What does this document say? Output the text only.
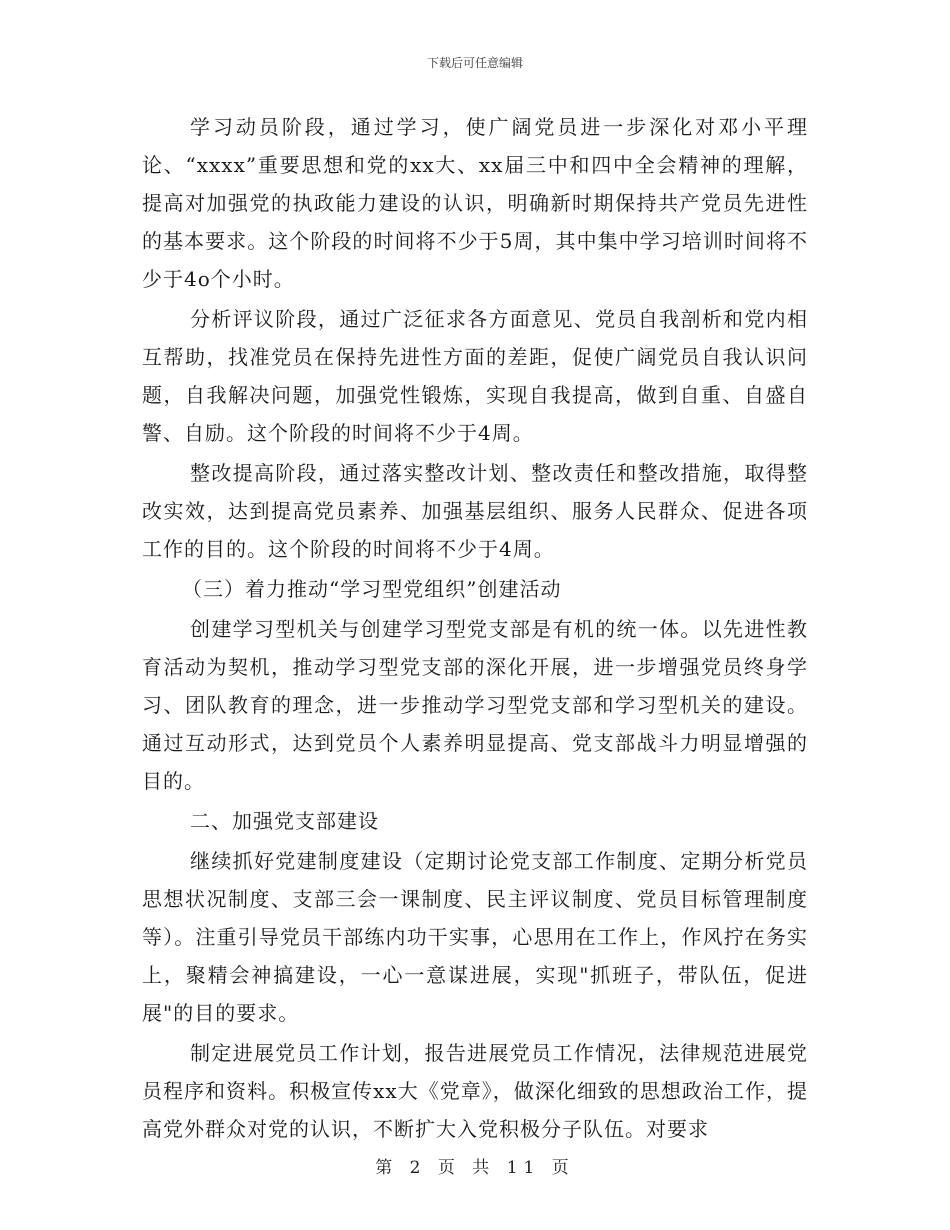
下载后可任意编辑

学习动员阶段，通过学习，使广阔党员进一步深化对邓小平理论、“xxxx”重要思想和党的xx大、xx届三中和四中全会精神的理解，提高对加强党的执政能力建设的认识，明确新时期保持共产党员先进性的基本要求。这个阶段的时间将不少于5周，其中集中学习培训时间将不少于4o个小时。

分析评议阶段，通过广泛征求各方面意见、党员自我剖析和党内相互帮助，找准党员在保持先进性方面的差距，促使广阔党员自我认识问题，自我解决问题，加强党性锻炼，实现自我提高，做到自重、自盛自警、自励。这个阶段的时间将不少于4周。

整改提高阶段，通过落实整改计划、整改责任和整改措施，取得整改实效，达到提高党员素养、加强基层组织、服务人民群众、促进各项工作的目的。这个阶段的时间将不少于4周。

（三）着力推动“学习型党组织”创建活动

创建学习型机关与创建学习型党支部是有机的统一体。以先进性教育活动为契机，推动学习型党支部的深化开展，进一步增强党员终身学习、团队教育的理念，进一步推动学习型党支部和学习型机关的建设。通过互动形式，达到党员个人素养明显提高、党支部战斗力明显增强的目的。

二、加强党支部建设

继续抓好党建制度建设（定期讨论党支部工作制度、定期分析党员思想状况制度、支部三会一课制度、民主评议制度、党员目标管理制度等）。注重引导党员干部练内功干实事，心思用在工作上，作风拧在务实上，聚精会神搞建设，一心一意谋进展，实现"抓班子，带队伍，促进展"的目的要求。

制定进展党员工作计划，报告进展党员工作情况，法律规范进展党员程序和资料。积极宣传xx大《党章》，做深化细致的思想政治工作，提高党外群众对党的认识，不断扩大入党积极分子队伍。对要求

第 2 页 共 11 页
